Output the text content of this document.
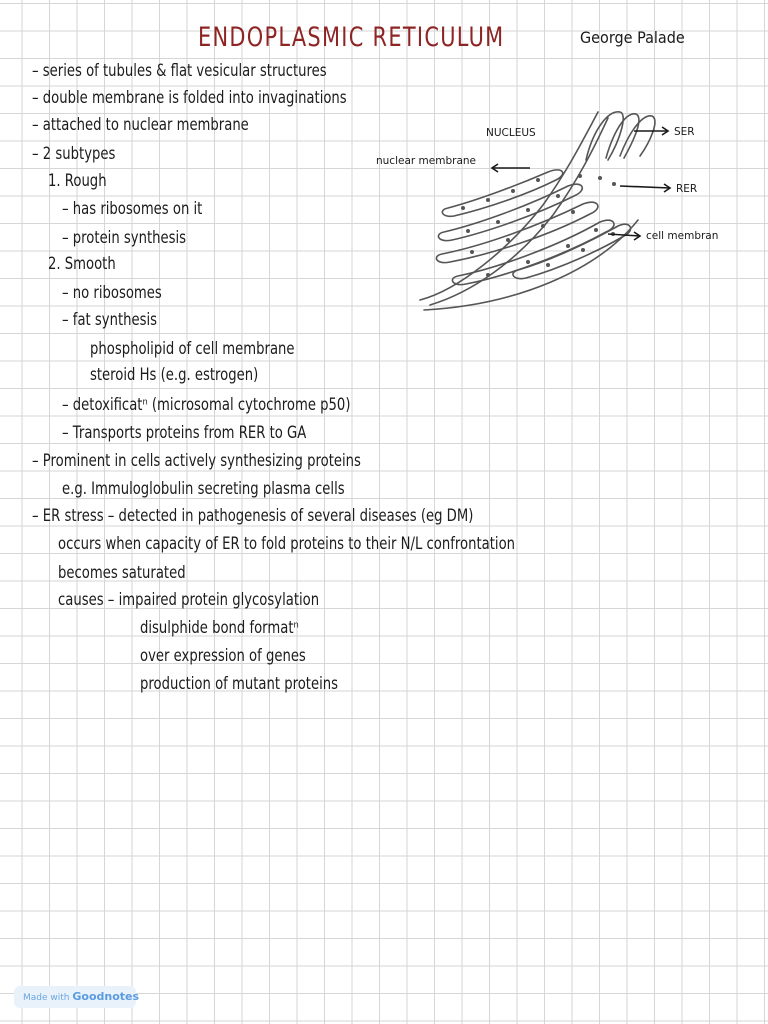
ENDOPLASMIC RETICULUM	George Palade
– series of tubules & flat vesicular structures
– double membrane is folded into invaginations
– attached to nuclear membrane
– 2 subtypes
1. Rough
– has ribosomes on it
– protein synthesis
2. Smooth
– no ribosomes
– fat synthesis
phospholipid of cell membrane
steroid Hs (e.g. estrogen)
– detoxificatⁿ (microsomal cytochrome p50)
– Transports proteins from RER to GA
– Prominent in cells actively synthesizing proteins
e.g. Immuloglobulin secreting plasma cells
– ER stress – detected in pathogenesis of several diseases (eg DM)
occurs when capacity of ER to fold proteins to their N/L confrontation
becomes saturated
causes – impaired protein glycosylation
disulphide bond formatⁿ
over expression of genes
production of mutant proteins
NUCLEUS
nuclear membrane
SER
RER
cell membran
Made with Goodnotes
